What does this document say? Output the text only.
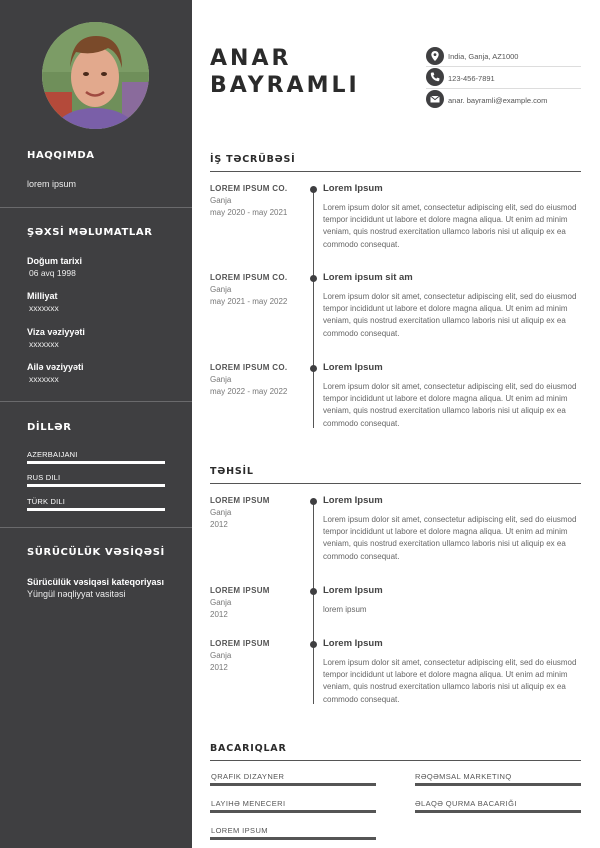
HAQQIMDA
lorem ipsum
ŞƏXSİ MƏLUMATLAR
Doğum tarixi
06 avq 1998
Milliyat
xxxxxxx
Viza vəziyyəti
xxxxxxx
Ailə vəziyyəti
xxxxxxx
DİLLƏR
AZERBAIJANI
RUS DILI
TÜRK DILI
SÜRÜCÜLÜK VƏSİQƏSİ
Sürücülük vəsiqəsi kateqoriyası
Yüngül nəqliyyat vasitəsi
ANAR
BAYRAMLI
India, Ganja, AZ1000
123-456-7891
anar. bayramli@example.com
İŞ TƏCRÜBƏSİ
LOREM IPSUM CO.
Ganja
may 2020 - may 2021
Lorem Ipsum
Lorem ipsum dolor sit amet, consectetur adipiscing elit, sed do eiusmod tempor incididunt ut labore et dolore magna aliqua. Ut enim ad minim veniam, quis nostrud exercitation ullamco laboris nisi ut aliquip ex ea commodo consequat.
LOREM IPSUM CO.
Ganja
may 2021 - may 2022
Lorem ipsum sit am
Lorem ipsum dolor sit amet, consectetur adipiscing elit, sed do eiusmod tempor incididunt ut labore et dolore magna aliqua. Ut enim ad minim veniam, quis nostrud exercitation ullamco laboris nisi ut aliquip ex ea commodo consequat.
LOREM IPSUM CO.
Ganja
may 2022 - may 2022
Lorem Ipsum
Lorem ipsum dolor sit amet, consectetur adipiscing elit, sed do eiusmod tempor incididunt ut labore et dolore magna aliqua. Ut enim ad minim veniam, quis nostrud exercitation ullamco laboris nisi ut aliquip ex ea commodo consequat.
TƏHSİL
LOREM IPSUM
Ganja
2012
Lorem Ipsum
Lorem ipsum dolor sit amet, consectetur adipiscing elit, sed do eiusmod tempor incididunt ut labore et dolore magna aliqua. Ut enim ad minim veniam, quis nostrud exercitation ullamco laboris nisi ut aliquip ex ea commodo consequat.
LOREM IPSUM
Ganja
2012
Lorem Ipsum
lorem ipsum
LOREM IPSUM
Ganja
2012
Lorem Ipsum
Lorem ipsum dolor sit amet, consectetur adipiscing elit, sed do eiusmod tempor incididunt ut labore et dolore magna aliqua. Ut enim ad minim veniam, quis nostrud exercitation ullamco laboris nisi ut aliquip ex ea commodo consequat.
BACARIQLAR
QRAFIK DIZAYNER	RƏQƏMSAL MARKETINQ
LAYIHƏ MENECERI	ƏLAQƏ QURMA BACARIĞI
LOREM IPSUM
